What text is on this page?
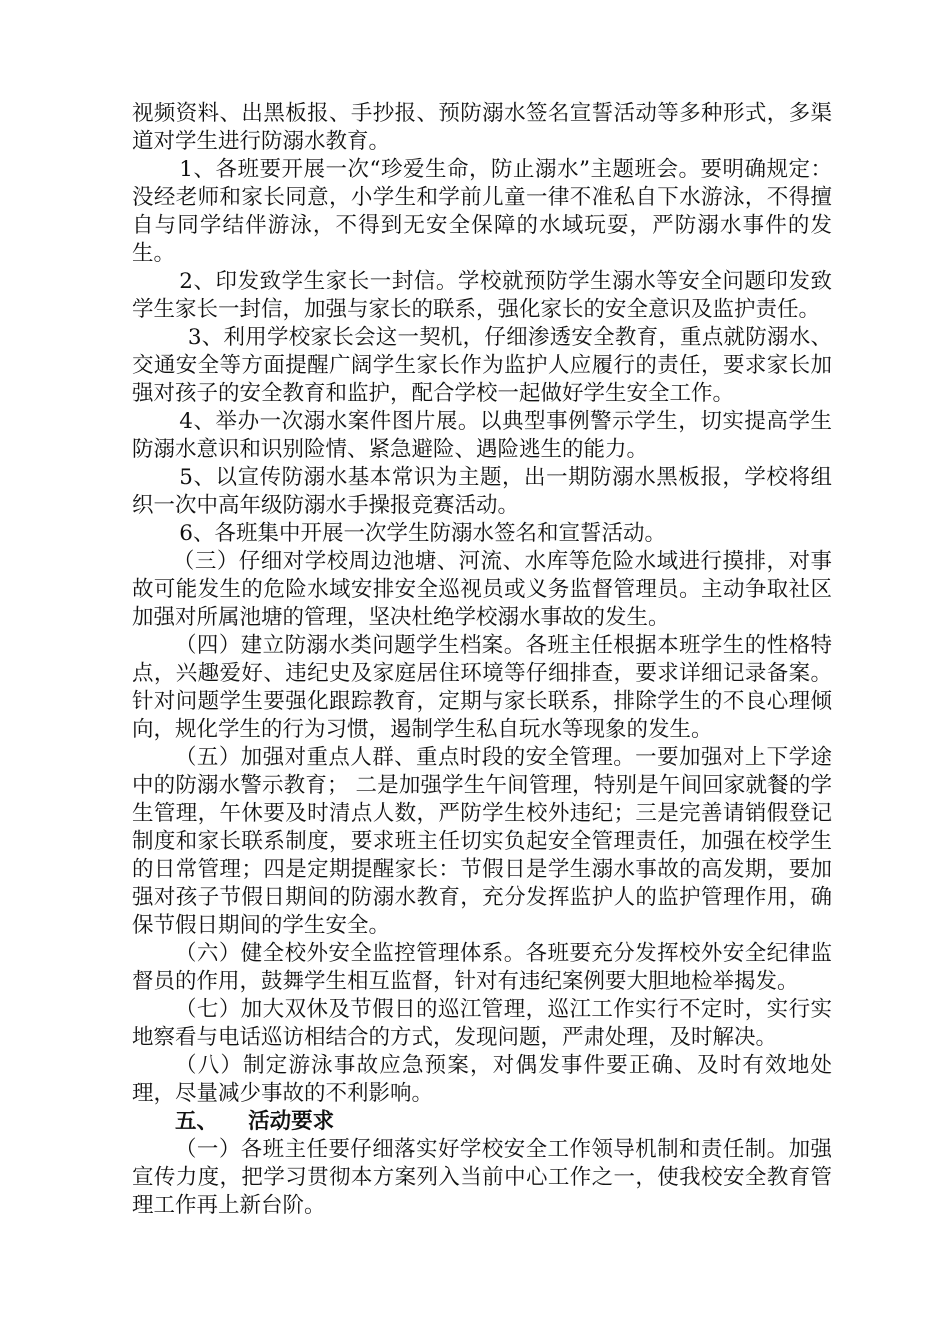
视频资料、出黑板报、手抄报、预防溺水签名宣誓活动等多种形式，多渠道对学生进行防溺水教育。

1、各班要开展一次“珍爱生命，防止溺水”主题班会。要明确规定：没经老师和家长同意，小学生和学前儿童一律不准私自下水游泳，不得擅自与同学结伴游泳，不得到无安全保障的水域玩耍，严防溺水事件的发生。

2、印发致学生家长一封信。学校就预防学生溺水等安全问题印发致学生家长一封信，加强与家长的联系，强化家长的安全意识及监护责任。

3、利用学校家长会这一契机，仔细渗透安全教育，重点就防溺水、交通安全等方面提醒广阔学生家长作为监护人应履行的责任，要求家长加强对孩子的安全教育和监护，配合学校一起做好学生安全工作。

4、举办一次溺水案件图片展。以典型事例警示学生，切实提高学生防溺水意识和识别险情、紧急避险、遇险逃生的能力。

5、以宣传防溺水基本常识为主题，出一期防溺水黑板报，学校将组织一次中高年级防溺水手操报竞赛活动。

6、各班集中开展一次学生防溺水签名和宣誓活动。

（三）仔细对学校周边池塘、河流、水库等危险水域进行摸排，对事故可能发生的危险水域安排安全巡视员或义务监督管理员。主动争取社区加强对所属池塘的管理，坚决杜绝学校溺水事故的发生。

（四）建立防溺水类问题学生档案。各班主任根据本班学生的性格特点，兴趣爱好、违纪史及家庭居住环境等仔细排查，要求详细记录备案。针对问题学生要强化跟踪教育，定期与家长联系，排除学生的不良心理倾向，规化学生的行为习惯，遏制学生私自玩水等现象的发生。

（五）加强对重点人群、重点时段的安全管理。一要加强对上下学途中的防溺水警示教育； 二是加强学生午间管理，特别是午间回家就餐的学生管理，午休要及时清点人数，严防学生校外违纪；三是完善请销假登记制度和家长联系制度，要求班主任切实负起安全管理责任，加强在校学生的日常管理；四是定期提醒家长：节假日是学生溺水事故的高发期，要加强对孩子节假日期间的防溺水教育，充分发挥监护人的监护管理作用，确保节假日期间的学生安全。

（六）健全校外安全监控管理体系。各班要充分发挥校外安全纪律监督员的作用，鼓舞学生相互监督，针对有违纪案例要大胆地检举揭发。

（七）加大双休及节假日的巡江管理，巡江工作实行不定时，实行实地察看与电话巡访相结合的方式，发现问题，严肃处理，及时解决。

（八）制定游泳事故应急预案，对偶发事件要正确、及时有效地处理，尽量减少事故的不利影响。

五、 活动要求

（一）各班主任要仔细落实好学校安全工作领导机制和责任制。加强宣传力度，把学习贯彻本方案列入当前中心工作之一，使我校安全教育管理工作再上新台阶。
